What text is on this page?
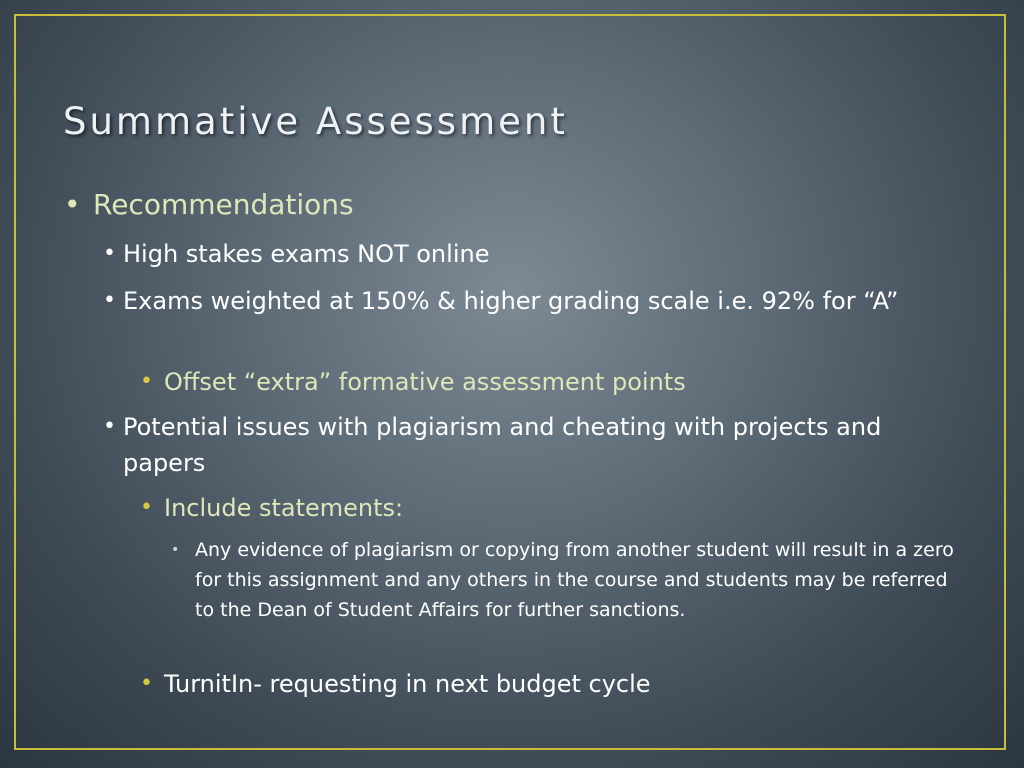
Summative Assessment
• Recommendations
• High stakes exams NOT online
• Exams weighted at 150% & higher grading scale i.e. 92% for “A”
• Offset “extra” formative assessment points
• Potential issues with plagiarism and cheating with projects and papers
• Include statements:
• Any evidence of plagiarism or copying from another student will result in a zero for this assignment and any others in the course and students may be referred to the Dean of Student Affairs for further sanctions.
• TurnitIn- requesting in next budget cycle
